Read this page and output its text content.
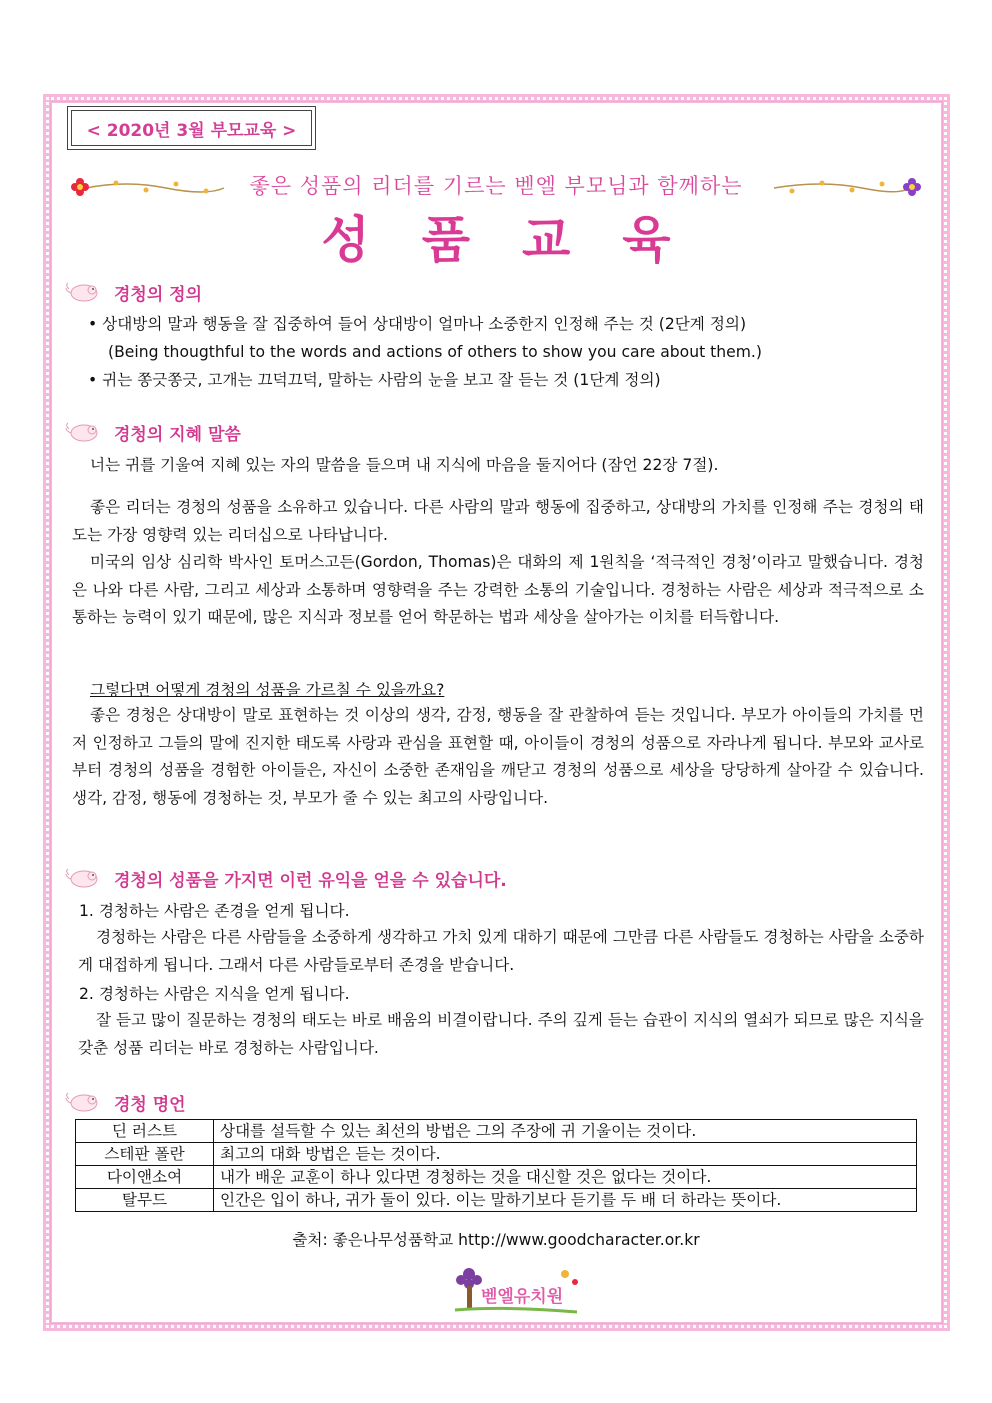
< 2020년 3월 부모교육 >
좋은 성품의 리더를 기르는 벧엘 부모님과 함께하는
성품교육
경청의 정의
• 상대방의 말과 행동을 잘 집중하여 들어 상대방이 얼마나 소중한지 인정해 주는 것 (2단계 정의)
(Being thougthful to the words and actions of others to show you care about them.)
• 귀는 쫑긋쫑긋, 고개는 끄덕끄덕, 말하는 사람의 눈을 보고 잘 듣는 것 (1단계 정의)
경청의 지혜 말씀
너는 귀를 기울여 지혜 있는 자의 말씀을 들으며 내 지식에 마음을 둘지어다 (잠언 22장 7절).
좋은 리더는 경청의 성품을 소유하고 있습니다. 다른 사람의 말과 행동에 집중하고, 상대방의 가치를 인정해 주는 경청의 태도는 가장 영향력 있는 리더십으로 나타납니다.
미국의 임상 심리학 박사인 토머스고든(Gordon, Thomas)은 대화의 제 1원칙을 ‘적극적인 경청’이라고 말했습니다. 경청은 나와 다른 사람, 그리고 세상과 소통하며 영향력을 주는 강력한 소통의 기술입니다. 경청하는 사람은 세상과 적극적으로 소통하는 능력이 있기 때문에, 많은 지식과 정보를 얻어 학문하는 법과 세상을 살아가는 이치를 터득합니다.
그렇다면 어떻게 경청의 성품을 가르칠 수 있을까요?
좋은 경청은 상대방이 말로 표현하는 것 이상의 생각, 감정, 행동을 잘 관찰하여 듣는 것입니다. 부모가 아이들의 가치를 먼저 인정하고 그들의 말에 진지한 태도록 사랑과 관심을 표현할 때, 아이들이 경청의 성품으로 자라나게 됩니다. 부모와 교사로부터 경청의 성품을 경험한 아이들은, 자신이 소중한 존재임을 깨닫고 경청의 성품으로 세상을 당당하게 살아갈 수 있습니다. 생각, 감정, 행동에 경청하는 것, 부모가 줄 수 있는 최고의 사랑입니다.
경청의 성품을 가지면 이런 유익을 얻을 수 있습니다.
1. 경청하는 사람은 존경을 얻게 됩니다.
경청하는 사람은 다른 사람들을 소중하게 생각하고 가치 있게 대하기 때문에 그만큼 다른 사람들도 경청하는 사람을 소중하게 대접하게 됩니다. 그래서 다른 사람들로부터 존경을 받습니다.
2. 경청하는 사람은 지식을 얻게 됩니다.
잘 듣고 많이 질문하는 경청의 태도는 바로 배움의 비결이랍니다. 주의 깊게 듣는 습관이 지식의 열쇠가 되므로 많은 지식을 갖춘 성품 리더는 바로 경청하는 사람입니다.
경청 명언
딘 러스트	상대를 설득할 수 있는 최선의 방법은 그의 주장에 귀 기울이는 것이다.
스테판 폴란	최고의 대화 방법은 듣는 것이다.
다이앤소여	내가 배운 교훈이 하나 있다면 경청하는 것을 대신할 것은 없다는 것이다.
탈무드	인간은 입이 하나, 귀가 둘이 있다. 이는 말하기보다 듣기를 두 배 더 하라는 뜻이다.
출처: 좋은나무성품학교 http://www.goodcharacter.or.kr
벧엘유치원
